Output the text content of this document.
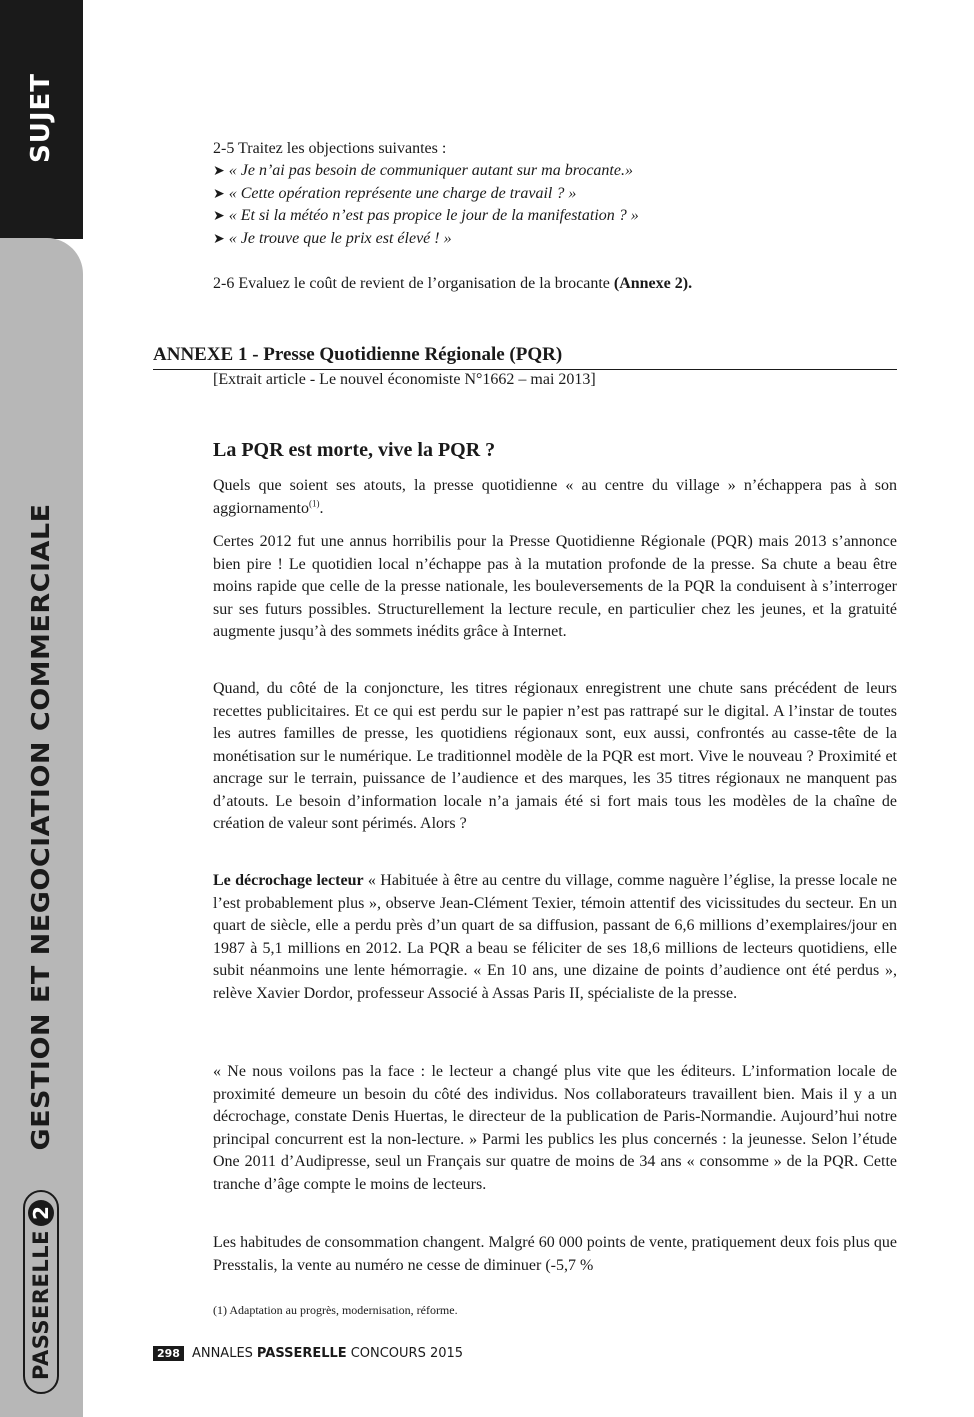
SUJET
GESTION ET NEGOCIATION COMMERCIALE
PASSERELLE
2
2-5 Traitez les objections suivantes :
➤ « Je n’ai pas besoin de communiquer autant sur ma brocante.»
➤ « Cette opération représente une charge de travail ? »
➤ « Et si la météo n’est pas propice le jour de la manifestation ? »
➤ « Je trouve que le prix est élevé ! »
2-6 Evaluez le coût de revient de l’organisation de la brocante (Annexe 2).
ANNEXE 1 - Presse Quotidienne Régionale (PQR)
[Extrait article - Le nouvel économiste N°1662 – mai 2013]
La PQR est morte, vive la PQR ?

Quels que soient ses atouts, la presse quotidienne « au centre du village » n’échappera pas à son aggiornamento$^{(1)}$.

Certes 2012 fut une annus horribilis pour la Presse Quotidienne Régionale (PQR) mais 2013 s’annonce bien pire ! Le quotidien local n’échappe pas à la mutation profonde de la presse. Sa chute a beau être moins rapide que celle de la presse nationale, les bouleversements de la PQR la conduisent à s’interroger sur ses futurs possibles. Structurellement la lecture recule, en particulier chez les jeunes, et la gratuité augmente jusqu’à des sommets inédits grâce à Internet.

Quand, du côté de la conjoncture, les titres régionaux enregistrent une chute sans précédent de leurs recettes publicitaires. Et ce qui est perdu sur le papier n’est pas rattrapé sur le digital. A l’instar de toutes les autres familles de presse, les quotidiens régionaux sont, eux aussi, confrontés au casse-tête de la monétisation sur le numérique. Le traditionnel modèle de la PQR est mort. Vive le nouveau ? Proximité et ancrage sur le terrain, puissance de l’audience et des marques, les 35 titres régionaux ne manquent pas d’atouts. Le besoin d’information locale n’a jamais été si fort mais tous les modèles de la chaîne de création de valeur sont périmés. Alors ?

Le décrochage lecteur « Habituée à être au centre du village, comme naguère l’église, la presse locale ne l’est probablement plus », observe Jean-Clément Texier, témoin attentif des vicissitudes du secteur. En un quart de siècle, elle a perdu près d’un quart de sa diffusion, passant de 6,6 millions d’exemplaires/jour en 1987 à 5,1 millions en 2012. La PQR a beau se féliciter de ses 18,6 millions de lecteurs quotidiens, elle subit néanmoins une lente hémorragie. « En 10 ans, une dizaine de points d’audience ont été perdus », relève Xavier Dordor, professeur Associé à Assas Paris II, spécialiste de la presse.

« Ne nous voilons pas la face : le lecteur a changé plus vite que les éditeurs. L’information locale de proximité demeure un besoin du côté des individus. Nos collaborateurs travaillent bien. Mais il y a un décrochage, constate Denis Huertas, le directeur de la publication de Paris-Normandie. Aujourd’hui notre principal concurrent est la non-lecture. » Parmi les publics les plus concernés : la jeunesse. Selon l’étude One 2011 d’Audipresse, seul un Français sur quatre de moins de 34 ans « consomme » de la PQR. Cette tranche d’âge compte le moins de lecteurs.

Les habitudes de consommation changent. Malgré 60 000 points de vente, pratiquement deux fois plus que Presstalis, la vente au numéro ne cesse de diminuer (-5,7 %

(1) Adaptation au progrès, modernisation, réforme.
298 ANNALES PASSERELLE CONCOURS 2015
